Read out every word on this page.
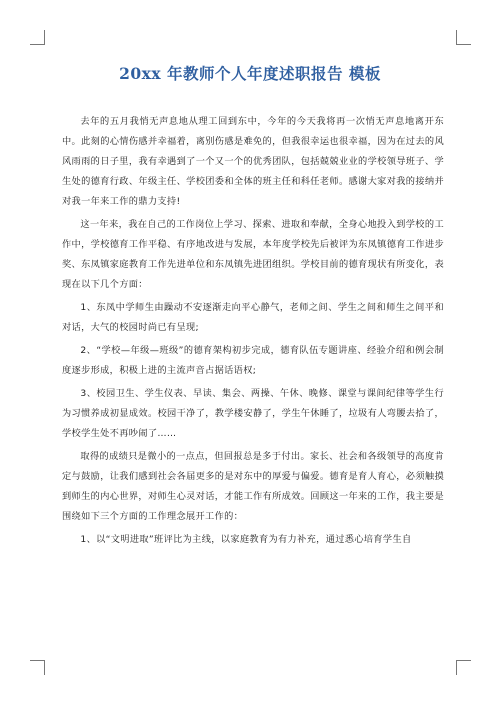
20xx 年教师个人年度述职报告 模板

去年的五月我悄无声息地从理工回到东中，今年的今天我将再一次悄无声息地离开东中。此刻的心情伤感并幸福着，离别伤感是难免的，但我很幸运也很幸福，因为在过去的风风雨雨的日子里，我有幸遇到了一个又一个的优秀团队，包括兢兢业业的学校领导班子、学生处的德育行政、年级主任、学校团委和全体的班主任和科任老师。感谢大家对我的接纳并对我一年来工作的鼎力支持!

这一年来，我在自己的工作岗位上学习、探索、进取和奉献，全身心地投入到学校的工作中，学校德育工作平稳、有序地改进与发展，本年度学校先后被评为东凤镇德育工作进步奖、东凤镇家庭教育工作先进单位和东凤镇先进团组织。学校目前的德育现状有所变化，表现在以下几个方面：

1、东凤中学师生由躁动不安逐渐走向平心静气，老师之间、学生之间和师生之间平和对话，大气的校园时尚已有呈现;

2、“学校—年级—班级”的德育架构初步完成，德育队伍专题讲座、经验介绍和例会制度逐步形成，积极上进的主流声音占据话语权;

3、校园卫生、学生仪表、早读、集会、两操、午休、晚修、课堂与课间纪律等学生行为习惯养成初显成效。校园干净了，教学楼安静了，学生午休睡了，垃圾有人弯腰去拾了，学校学生处不再吵闹了……

取得的成绩只是微小的一点点，但回报总是多于付出。家长、社会和各级领导的高度肯定与鼓励，让我们感到社会各届更多的是对东中的厚爱与偏爱。德育是育人育心，必须触摸到师生的内心世界，对师生心灵对话，才能工作有所成效。回顾这一年来的工作，我主要是围绕如下三个方面的工作理念展开工作的：

1、以“文明进取”班评比为主线，以家庭教育为有力补充，通过悉心培育学生自
